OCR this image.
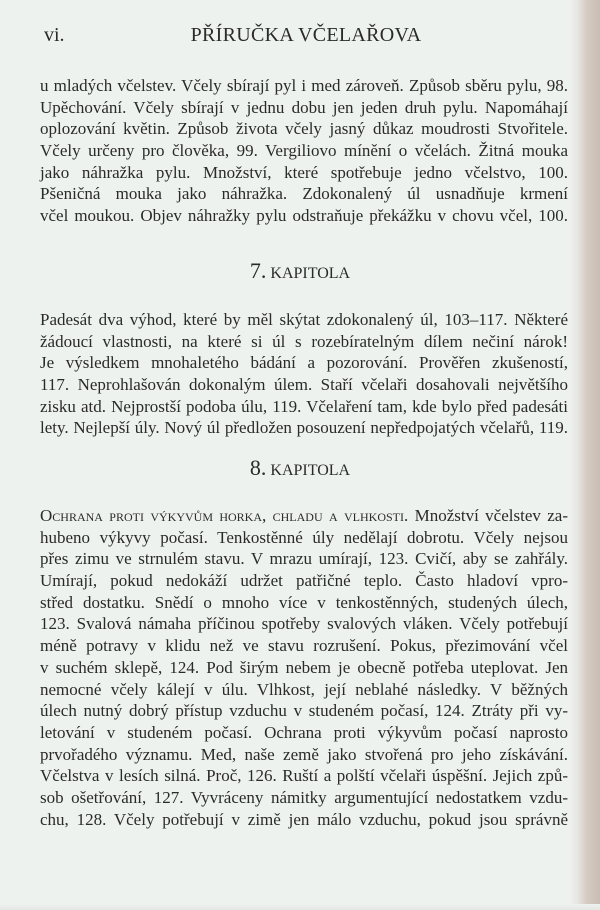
vi.	PŘÍRUČKA VČELAŘOVA
u mladých včelstev. Včely sbírají pyl i med zároveň. Způsob sběru pylu, 98.
Upěchování. Včely sbírají v jednu dobu jen jeden druh pylu. Napomáhají
oplozování květin. Způsob života včely jasný důkaz moudrosti Stvořitele.
Včely určeny pro člověka, 99. Vergiliovo mínění o včelách. Žitná mouka
jako náhražka pylu. Množství, které spotřebuje jedno včelstvo, 100.
Pšeničná mouka jako náhražka. Zdokonalený úl usnadňuje krmení
včel moukou. Objev náhražky pylu odstraňuje překážku v chovu včel, 100.
7. KAPITOLA
Padesát dva výhod, které by měl skýtat zdokonalený úl, 103–117. Některé
žádoucí vlastnosti, na které si úl s rozebíratelným dílem nečiní nárok!
Je výsledkem mnohaletého bádání a pozorování. Prověřen zkušeností,
117. Neprohlašován dokonalým úlem. Staří včelaři dosahovali největšího
zisku atd. Nejprostší podoba úlu, 119. Včelaření tam, kde bylo před padesáti
lety. Nejlepší úly. Nový úl předložen posouzení nepředpojatých včelařů, 119.
8. KAPITOLA
Ochrana proti výkyvům horka, chladu a vlhkosti. Množství včelstev za-
hubeno výkyvy počasí. Tenkostěnné úly nedělají dobrotu. Včely nejsou
přes zimu ve strnulém stavu. V mrazu umírají, 123. Cvičí, aby se zahřály.
Umírají, pokud nedokáží udržet patřičné teplo. Často hladoví vpro-
střed dostatku. Snědí o mnoho více v tenkostěnných, studených úlech,
123. Svalová námaha příčinou spotřeby svalových vláken. Včely potřebují
méně potravy v klidu než ve stavu rozrušení. Pokus, přezimování včel
v suchém sklepě, 124. Pod širým nebem je obecně potřeba uteplovat. Jen
nemocné včely kálejí v úlu. Vlhkost, její neblahé následky. V běžných
úlech nutný dobrý přístup vzduchu v studeném počasí, 124. Ztráty při vy-
letování v studeném počasí. Ochrana proti výkyvům počasí naprosto
prvořadého významu. Med, naše země jako stvořená pro jeho získávání.
Včelstva v lesích silná. Proč, 126. Ruští a polští včelaři úspěšní. Jejich způ-
sob ošetřování, 127. Vyvráceny námitky argumentující nedostatkem vzdu-
chu, 128. Včely potřebují v zimě jen málo vzduchu, pokud jsou správně
